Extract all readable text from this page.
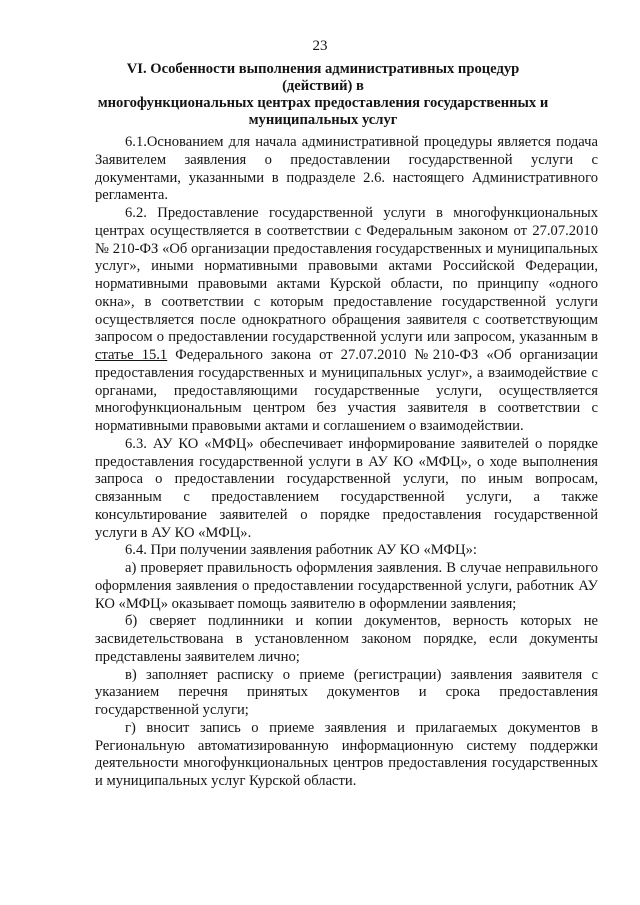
23
VI. Особенности выполнения административных процедур (действий) в
многофункциональных центрах предоставления государственных и
муниципальных услуг

6.1.Основанием для начала административной процедуры является подача Заявителем заявления о предоставлении государственной услуги с документами, указанными в подразделе 2.6. настоящего Административного регламента.

6.2. Предоставление государственной услуги в многофункциональных центрах осуществляется в соответствии с Федеральным законом от 27.07.2010 № 210-ФЗ «Об организации предоставления государственных и муниципальных услуг», иными нормативными правовыми актами Российской Федерации, нормативными правовыми актами Курской области, по принципу «одного окна», в соответствии с которым предоставление государственной услуги осуществляется после однократного обращения заявителя с соответствующим запросом о предоставлении государственной услуги или запросом, указанным в статье 15.1 Федерального закона от 27.07.2010 №210-ФЗ «Об организации предоставления государственных и муниципальных услуг», а взаимодействие с органами, предоставляющими государственные услуги, осуществляется многофункциональным центром без участия заявителя в соответствии с нормативными правовыми актами и соглашением о взаимодействии.

6.3. АУ КО «МФЦ» обеспечивает информирование заявителей о порядке предоставления государственной услуги в АУ КО «МФЦ», о ходе выполнения запроса о предоставлении государственной услуги, по иным вопросам, связанным с предоставлением государственной услуги, а также консультирование заявителей о порядке предоставления государственной услуги в АУ КО «МФЦ».

6.4. При получении заявления работник АУ КО «МФЦ»:

а) проверяет правильность оформления заявления. В случае неправильного оформления заявления о предоставлении государственной услуги, работник АУ КО «МФЦ» оказывает помощь заявителю в оформлении заявления;

б) сверяет подлинники и копии документов, верность которых не засвидетельствована в установленном законом порядке, если документы представлены заявителем лично;

в) заполняет расписку о приеме (регистрации) заявления заявителя с указанием перечня принятых документов и срока предоставления государственной услуги;

г) вносит запись о приеме заявления и прилагаемых документов в Региональную автоматизированную информационную систему поддержки деятельности многофункциональных центров предоставления государственных и муниципальных услуг Курской области.
